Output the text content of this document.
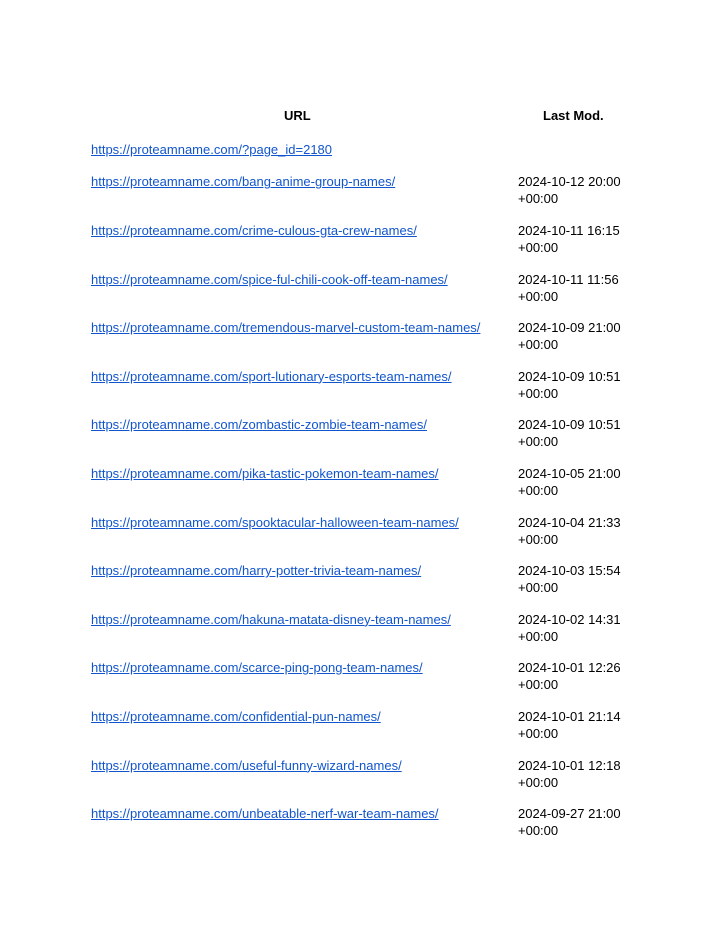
URL	Last Mod.
https://proteamname.com/?page_id=2180
https://proteamname.com/bang-anime-group-names/	2024-10-12 20:00 +00:00
https://proteamname.com/crime-culous-gta-crew-names/	2024-10-11 16:15 +00:00
https://proteamname.com/spice-ful-chili-cook-off-team-names/	2024-10-11 11:56 +00:00
https://proteamname.com/tremendous-marvel-custom-team-names/	2024-10-09 21:00 +00:00
https://proteamname.com/sport-lutionary-esports-team-names/	2024-10-09 10:51 +00:00
https://proteamname.com/zombastic-zombie-team-names/	2024-10-09 10:51 +00:00
https://proteamname.com/pika-tastic-pokemon-team-names/	2024-10-05 21:00 +00:00
https://proteamname.com/spooktacular-halloween-team-names/	2024-10-04 21:33 +00:00
https://proteamname.com/harry-potter-trivia-team-names/	2024-10-03 15:54 +00:00
https://proteamname.com/hakuna-matata-disney-team-names/	2024-10-02 14:31 +00:00
https://proteamname.com/scarce-ping-pong-team-names/	2024-10-01 12:26 +00:00
https://proteamname.com/confidential-pun-names/	2024-10-01 21:14 +00:00
https://proteamname.com/useful-funny-wizard-names/	2024-10-01 12:18 +00:00
https://proteamname.com/unbeatable-nerf-war-team-names/	2024-09-27 21:00 +00:00
